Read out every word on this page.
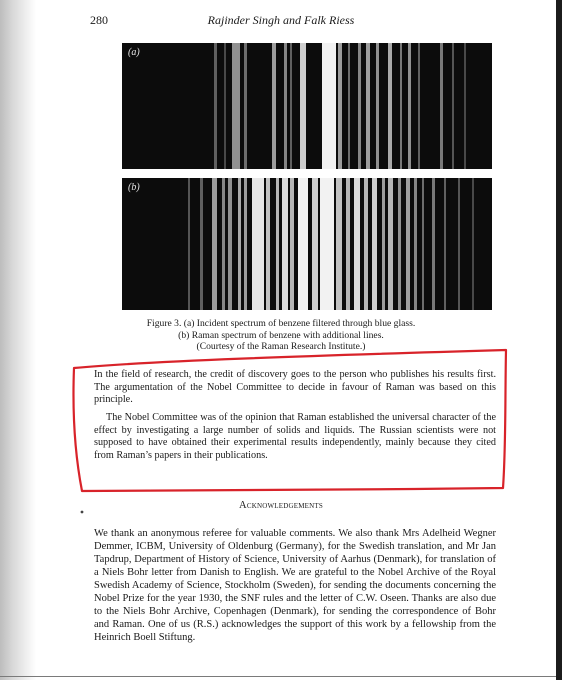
280	Rajinder Singh and Falk Riess
(a)
(b)
Figure 3. (a) Incident spectrum of benzene filtered through blue glass.
(b) Raman spectrum of benzene with additional lines.
(Courtesy of the Raman Research Institute.)

In the field of research, the credit of discovery goes to the person who publishes his results first. The argumentation of the Nobel Committee to decide in favour of Raman was based on this principle.

The Nobel Committee was of the opinion that Raman established the universal character of the effect by investigating a large number of solids and liquids. The Russian scientists were not supposed to have obtained their experimental results independently, mainly because they cited from Raman’s papers in their publications.

Acknowledgements

We thank an anonymous referee for valuable comments. We also thank Mrs Adelheid Wegner Demmer, ICBM, University of Oldenburg (Germany), for the Swedish translation, and Mr Jan Tapdrup, Department of History of Science, University of Aarhus (Denmark), for translation of a Niels Bohr letter from Danish to English. We are grateful to the Nobel Archive of the Royal Swedish Academy of Science, Stockholm (Sweden), for sending the documents concerning the Nobel Prize for the year 1930, the SNF rules and the letter of C.W. Oseen. Thanks are also due to the Niels Bohr Archive, Copenhagen (Denmark), for sending the correspondence of Bohr and Raman. One of us (R.S.) acknowledges the support of this work by a fellowship from the Heinrich Boell Stiftung.
